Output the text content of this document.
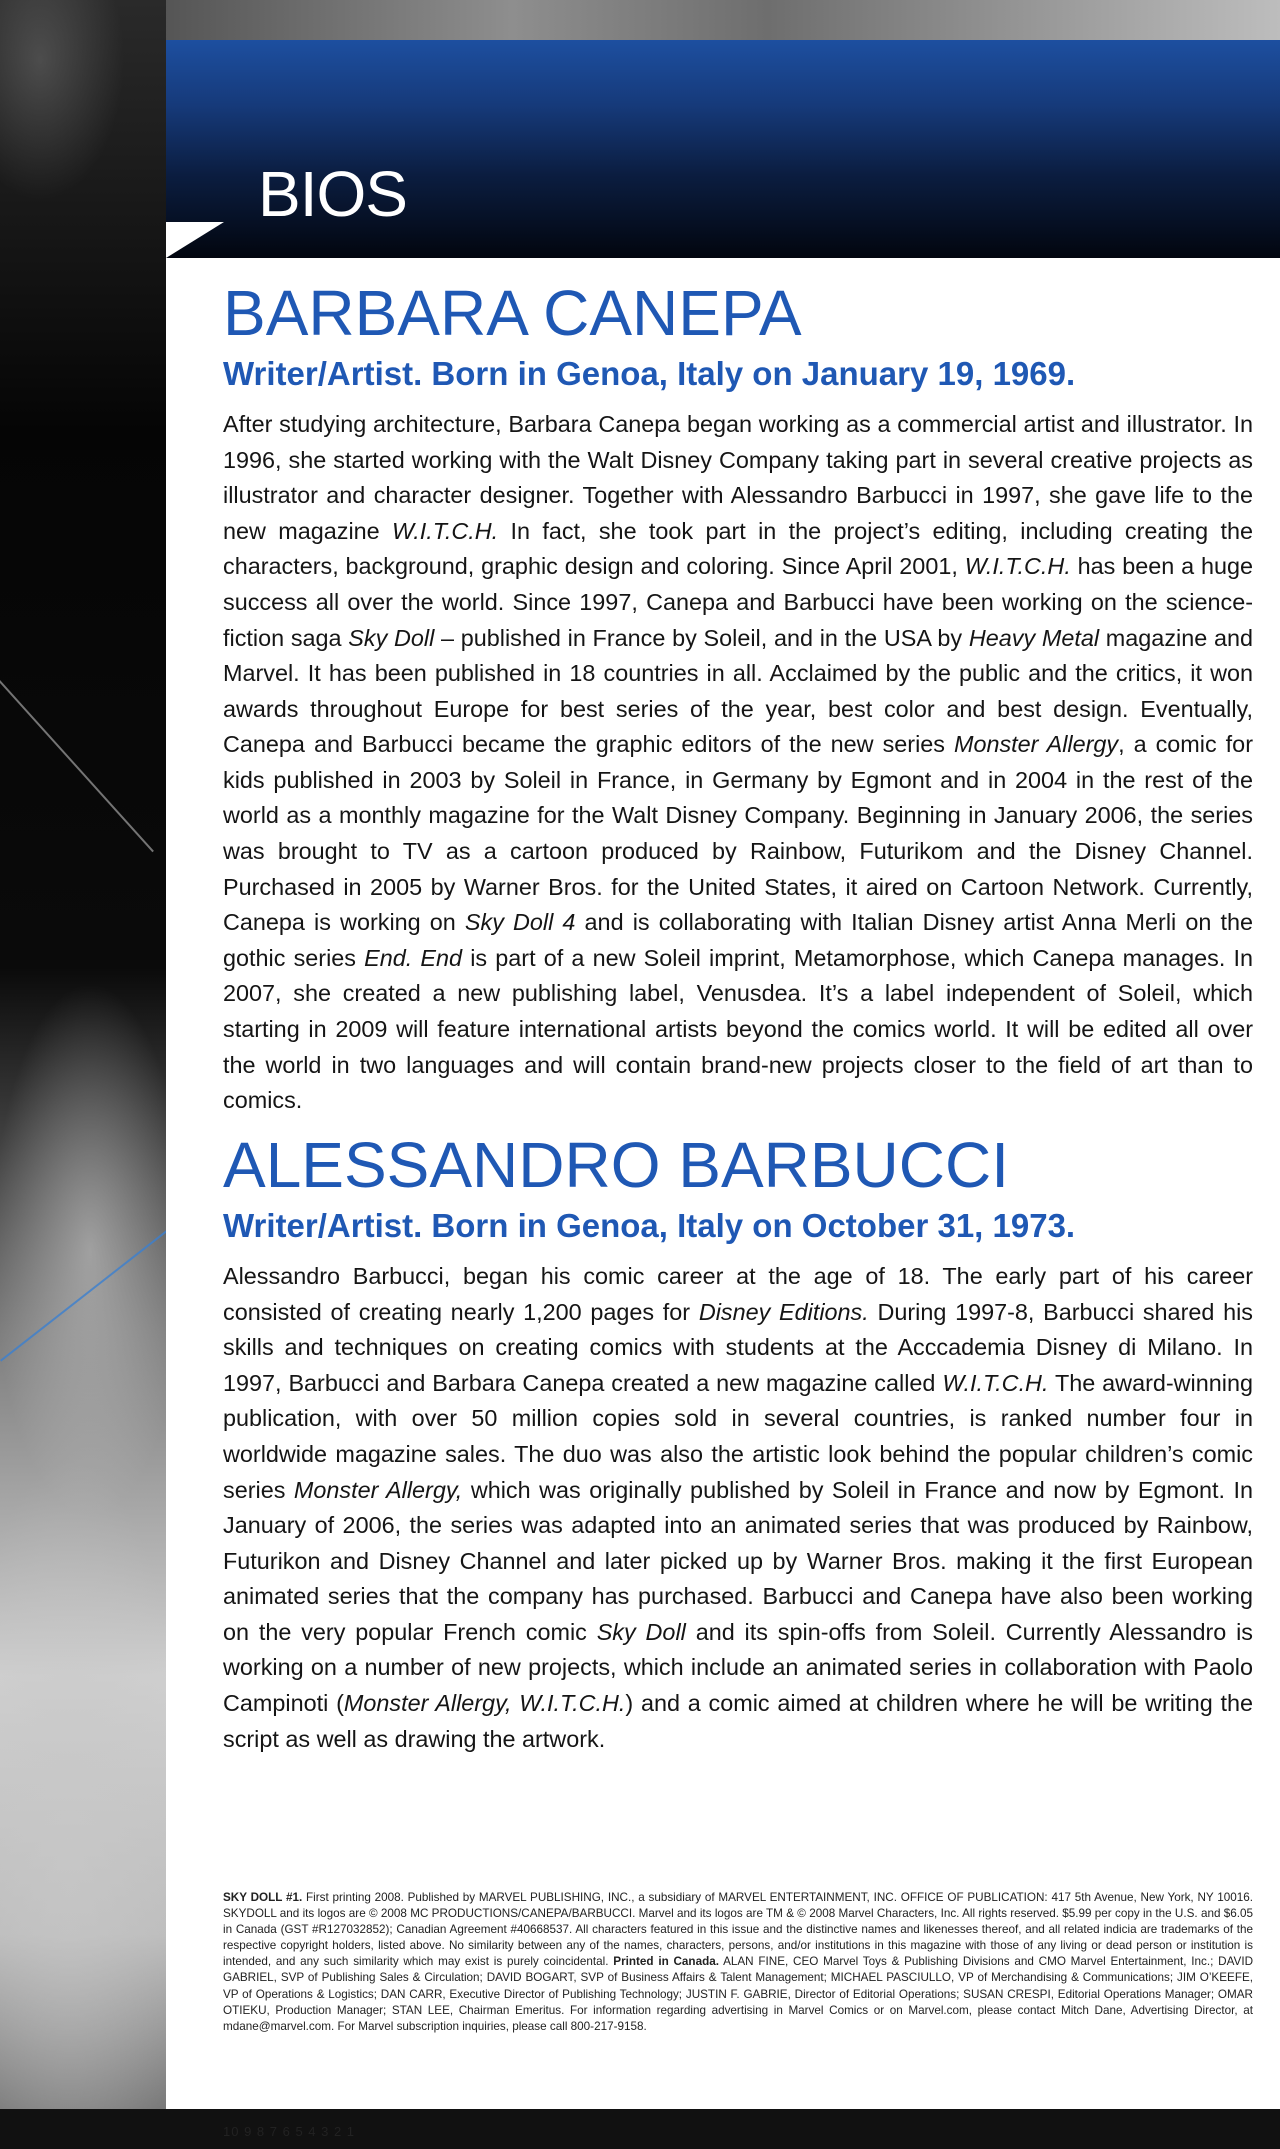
BIOS
BARBARA CANEPA
Writer/Artist. Born in Genoa, Italy on January 19, 1969.

After studying architecture, Barbara Canepa began working as a commercial artist and illustrator. In 1996, she started working with the Walt Disney Company taking part in several creative projects as illustrator and character designer. Together with Alessandro Barbucci in 1997, she gave life to the new magazine W.I.T.C.H. In fact, she took part in the project’s editing, including creating the characters, background, graphic design and coloring. Since April 2001, W.I.T.C.H. has been a huge success all over the world. Since 1997, Canepa and Barbucci have been working on the science-fiction saga Sky Doll – published in France by Soleil, and in the USA by Heavy Metal magazine and Marvel. It has been published in 18 countries in all. Acclaimed by the public and the critics, it won awards throughout Europe for best series of the year, best color and best design. Eventually, Canepa and Barbucci became the graphic editors of the new series Monster Allergy, a comic for kids published in 2003 by Soleil in France, in Germany by Egmont and in 2004 in the rest of the world as a monthly magazine for the Walt Disney Company. Beginning in January 2006, the series was brought to TV as a cartoon produced by Rainbow, Futurikom and the Disney Channel. Purchased in 2005 by Warner Bros. for the United States, it aired on Cartoon Network. Currently, Canepa is working on Sky Doll 4 and is collaborating with Italian Disney artist Anna Merli on the gothic series End. End is part of a new Soleil imprint, Metamorphose, which Canepa manages. In 2007, she created a new publishing label, Venusdea. It’s a label independent of Soleil, which starting in 2009 will feature international artists beyond the comics world. It will be edited all over the world in two languages and will contain brand-new projects closer to the field of art than to comics.

ALESSANDRO BARBUCCI
Writer/Artist. Born in Genoa, Italy on October 31, 1973.

Alessandro Barbucci, began his comic career at the age of 18. The early part of his career consisted of creating nearly 1,200 pages for Disney Editions. During 1997-8, Barbucci shared his skills and techniques on creating comics with students at the Acccademia Disney di Milano. In 1997, Barbucci and Barbara Canepa created a new magazine called W.I.T.C.H. The award-winning publication, with over 50 million copies sold in several countries, is ranked number four in worldwide magazine sales. The duo was also the artistic look behind the popular children’s comic series Monster Allergy, which was originally published by Soleil in France and now by Egmont. In January of 2006, the series was adapted into an animated series that was produced by Rainbow, Futurikon and Disney Channel and later picked up by Warner Bros. making it the first European animated series that the company has purchased. Barbucci and Canepa have also been working on the very popular French comic Sky Doll and its spin-offs from Soleil. Currently Alessandro is working on a number of new projects, which include an animated series in collaboration with Paolo Campinoti (Monster Allergy, W.I.T.C.H.) and a comic aimed at children where he will be writing the script as well as drawing the artwork.

SKY DOLL #1. First printing 2008. Published by MARVEL PUBLISHING, INC., a subsidiary of MARVEL ENTERTAINMENT, INC. OFFICE OF PUBLICATION: 417 5th Avenue, New York, NY 10016. SKYDOLL and its logos are © 2008 MC PRODUCTIONS/CANEPA/BARBUCCI. Marvel and its logos are TM & © 2008 Marvel Characters, Inc. All rights reserved. $5.99 per copy in the U.S. and $6.05 in Canada (GST #R127032852); Canadian Agreement #40668537. All characters featured in this issue and the distinctive names and likenesses thereof, and all related indicia are trademarks of the respective copyright holders, listed above. No similarity between any of the names, characters, persons, and/or institutions in this magazine with those of any living or dead person or institution is intended, and any such similarity which may exist is purely coincidental. Printed in Canada. ALAN FINE, CEO Marvel Toys & Publishing Divisions and CMO Marvel Entertainment, Inc.; DAVID GABRIEL, SVP of Publishing Sales & Circulation; DAVID BOGART, SVP of Business Affairs & Talent Management; MICHAEL PASCIULLO, VP of Merchandising & Communications; JIM O’KEEFE, VP of Operations & Logistics; DAN CARR, Executive Director of Publishing Technology; JUSTIN F. GABRIE, Director of Editorial Operations; SUSAN CRESPI, Editorial Operations Manager; OMAR OTIEKU, Production Manager; STAN LEE, Chairman Emeritus. For information regarding advertising in Marvel Comics or on Marvel.com, please contact Mitch Dane, Advertising Director, at mdane@marvel.com. For Marvel subscription inquiries, please call 800-217-9158.

10 9 8 7 6 5 4 3 2 1
